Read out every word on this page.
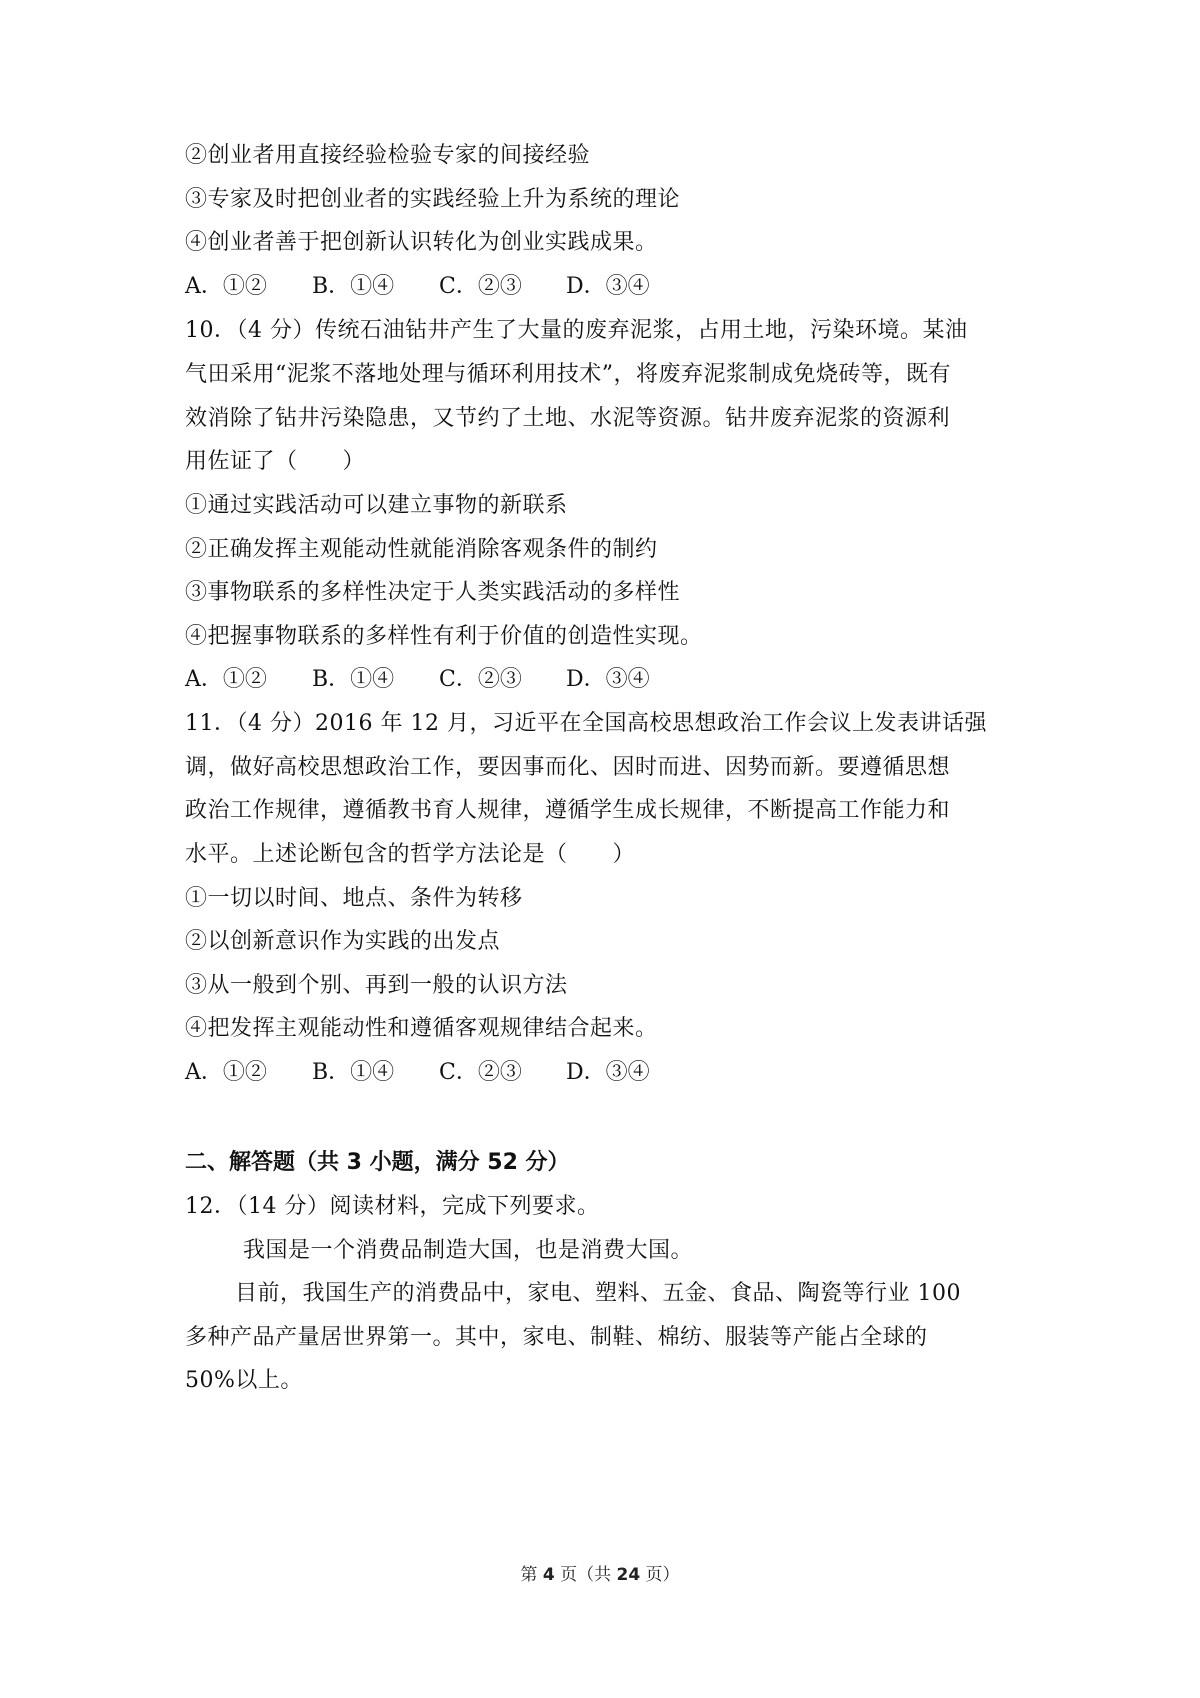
②创业者用直接经验检验专家的间接经验
③专家及时把创业者的实践经验上升为系统的理论
④创业者善于把创新认识转化为创业实践成果。
A．①② B．①④ C．②③ D．③④
10．（4 分）传统石油钻井产生了大量的废弃泥浆，占用土地，污染环境。某油
气田采用“泥浆不落地处理与循环利用技术”，将废弃泥浆制成免烧砖等，既有
效消除了钻井污染隐患，又节约了土地、水泥等资源。钻井废弃泥浆的资源利
用佐证了（　　）
①通过实践活动可以建立事物的新联系
②正确发挥主观能动性就能消除客观条件的制约
③事物联系的多样性决定于人类实践活动的多样性
④把握事物联系的多样性有利于价值的创造性实现。
A．①② B．①④ C．②③ D．③④
11．（4 分）2016 年 12 月，习近平在全国高校思想政治工作会议上发表讲话强
调，做好高校思想政治工作，要因事而化、因时而进、因势而新。要遵循思想
政治工作规律，遵循教书育人规律，遵循学生成长规律，不断提高工作能力和
水平。上述论断包含的哲学方法论是（　　）
①一切以时间、地点、条件为转移
②以创新意识作为实践的出发点
③从一般到个别、再到一般的认识方法
④把发挥主观能动性和遵循客观规律结合起来。
A．①② B．①④ C．②③ D．③④
二、解答题（共 3 小题，满分 52 分）
12．（14 分）阅读材料，完成下列要求。
我国是一个消费品制造大国，也是消费大国。
目前，我国生产的消费品中，家电、塑料、五金、食品、陶瓷等行业 100
多种产品产量居世界第一。其中，家电、制鞋、棉纺、服装等产能占全球的
50%以上。
第 4 页（共 24 页）
